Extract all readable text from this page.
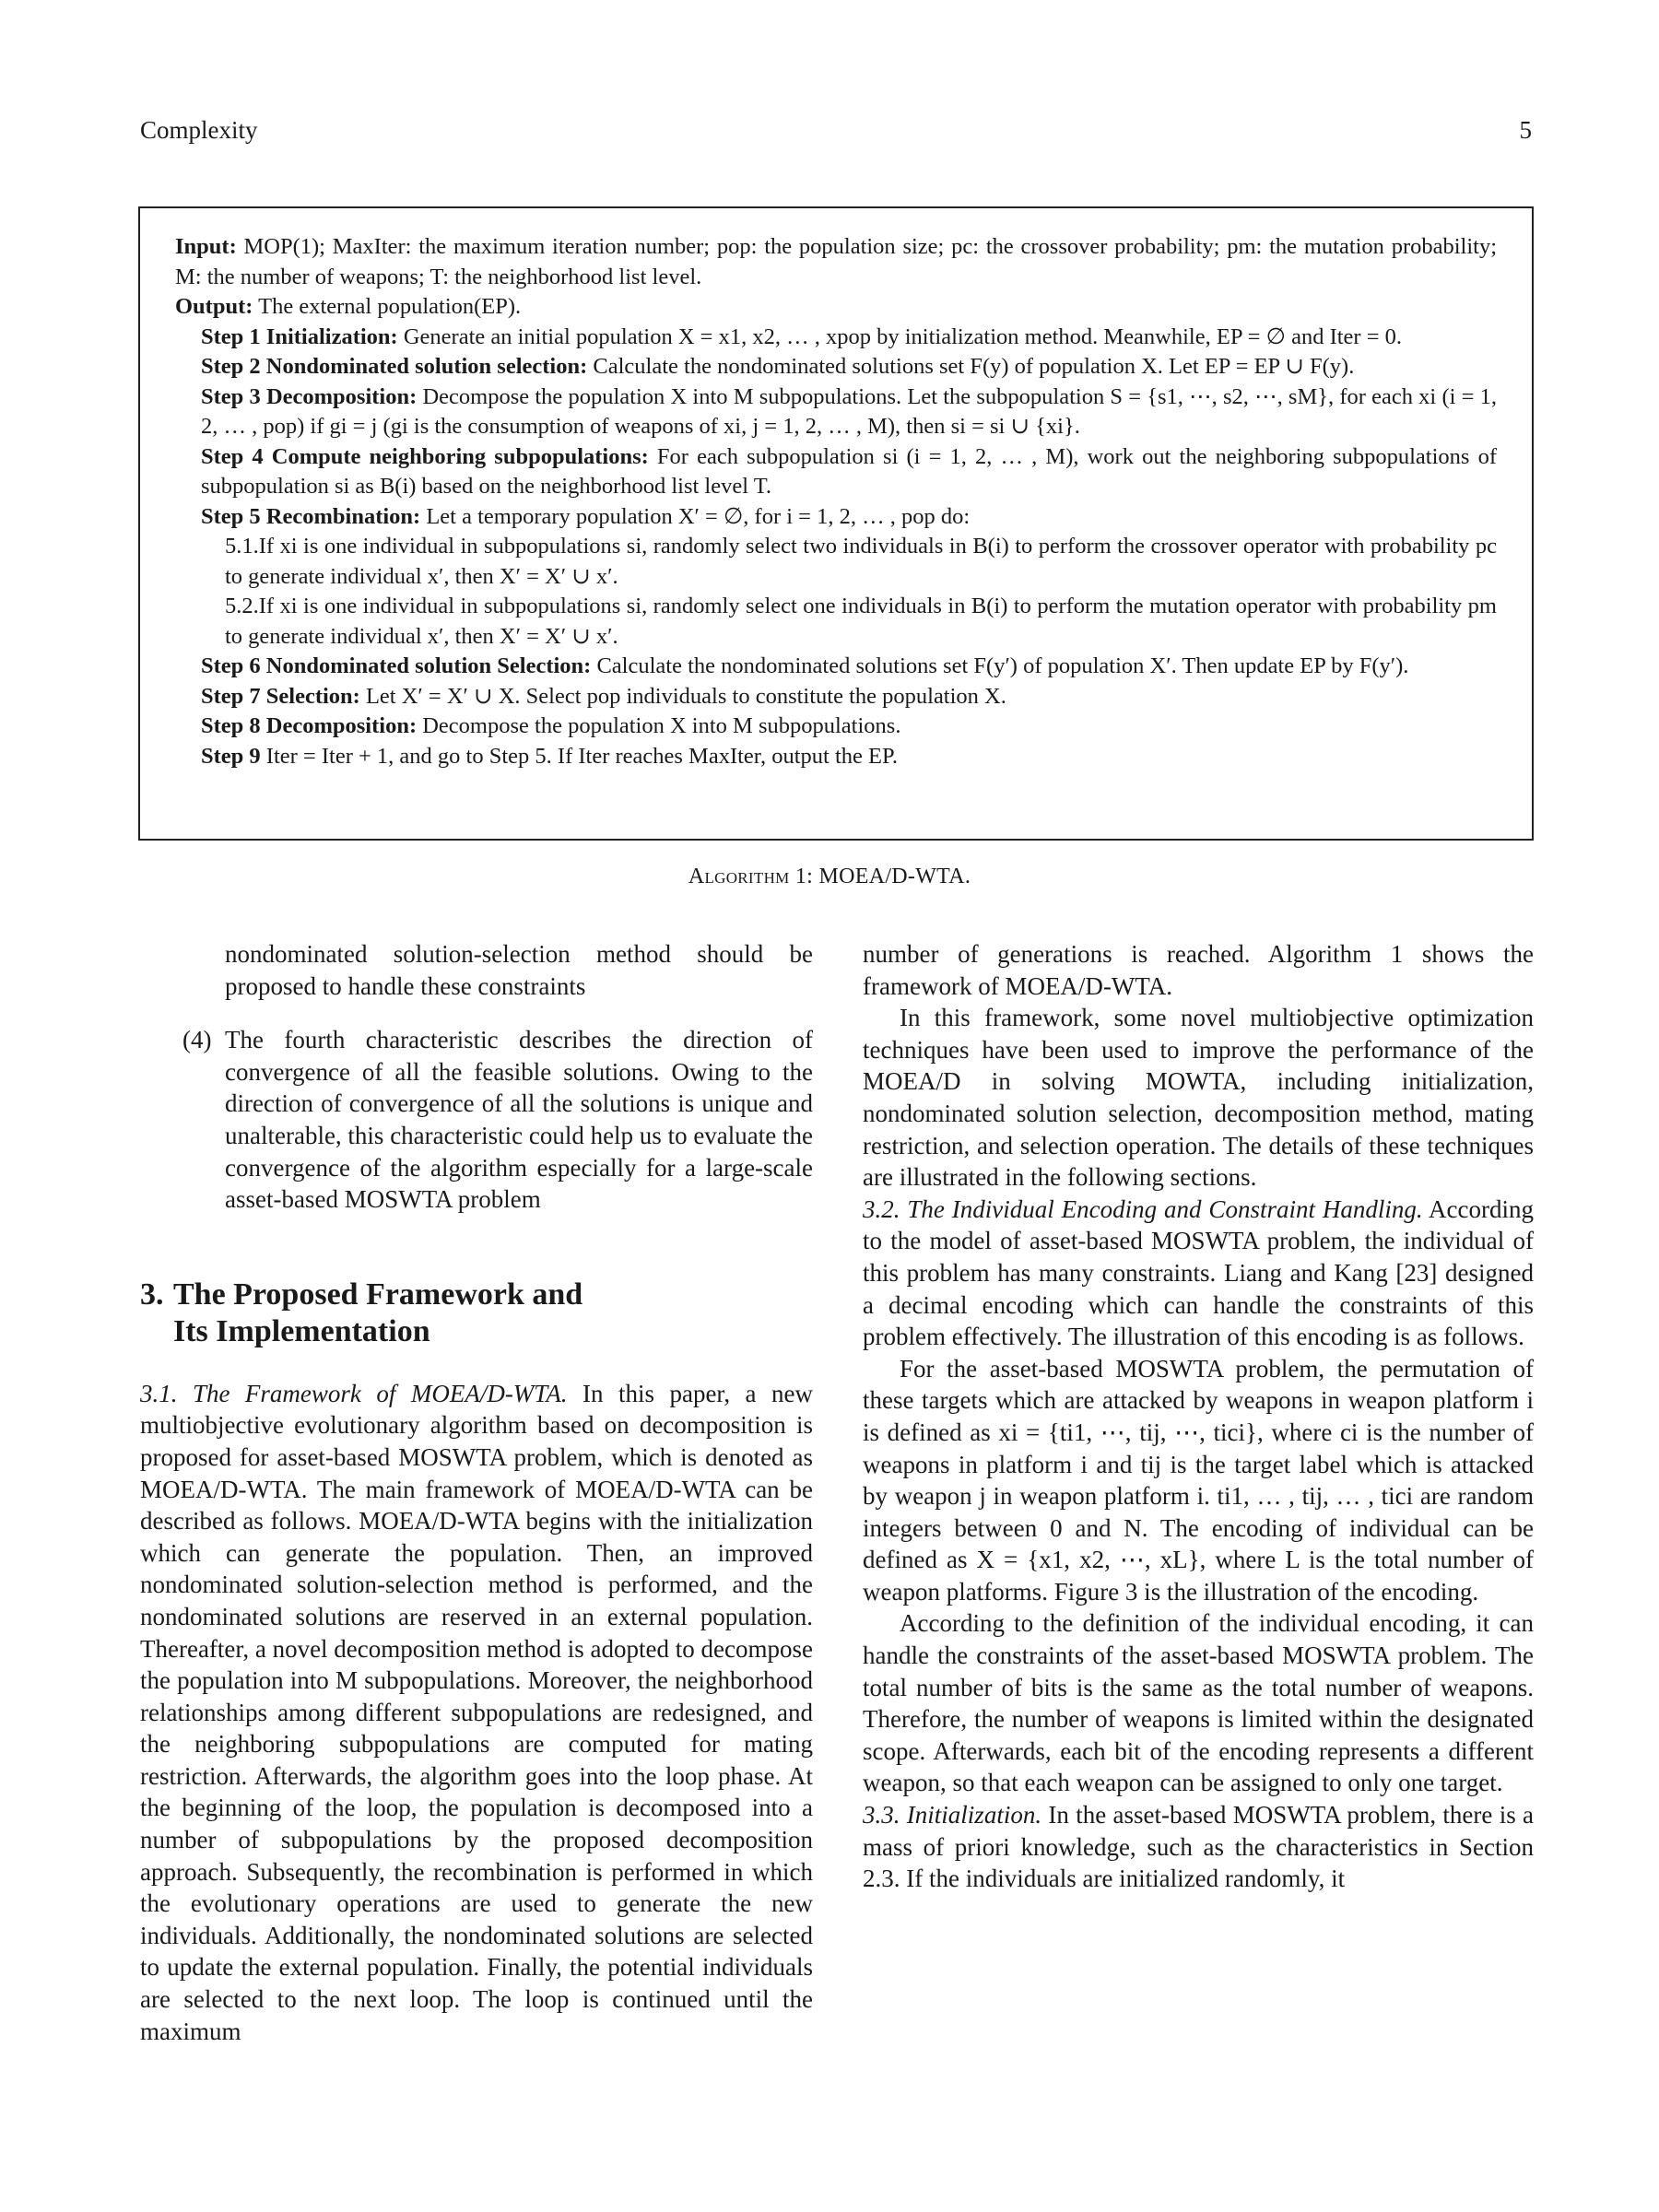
Complexity	5

Input: MOP(1); MaxIter: the maximum iteration number; pop: the population size; pc: the crossover probability; pm: the mutation probability; M: the number of weapons; T: the neighborhood list level.

Output: The external population(EP).

Step 1 Initialization: Generate an initial population X = x1, x2, … , xpop by initialization method. Meanwhile, EP = ∅ and Iter = 0.

Step 2 Nondominated solution selection: Calculate the nondominated solutions set F(y) of population X. Let EP = EP ∪ F(y).

Step 3 Decomposition: Decompose the population X into M subpopulations. Let the subpopulation S = {s1, ⋯, s2, ⋯, sM}, for each xi (i = 1, 2, … , pop) if gi = j (gi is the consumption of weapons of xi, j = 1, 2, … , M), then si = si ∪ {xi}.

Step 4 Compute neighboring subpopulations: For each subpopulation si (i = 1, 2, … , M), work out the neighboring subpopulations of subpopulation si as B(i) based on the neighborhood list level T.

Step 5 Recombination: Let a temporary population X′ = ∅, for i = 1, 2, … , pop do:

5.1.If xi is one individual in subpopulations si, randomly select two individuals in B(i) to perform the crossover operator with probability pc to generate individual x′, then X′ = X′ ∪ x′.

5.2.If xi is one individual in subpopulations si, randomly select one individuals in B(i) to perform the mutation operator with probability pm to generate individual x′, then X′ = X′ ∪ x′.

Step 6 Nondominated solution Selection: Calculate the nondominated solutions set F(y′) of population X′. Then update EP by F(y′).

Step 7 Selection: Let X′ = X′ ∪ X. Select pop individuals to constitute the population X.

Step 8 Decomposition: Decompose the population X into M subpopulations.

Step 9 Iter = Iter + 1, and go to Step 5. If Iter reaches MaxIter, output the EP.

Algorithm 1: MOEA/D-WTA.

nondominated solution-selection method should be proposed to handle these constraints

(4) The fourth characteristic describes the direction of convergence of all the feasible solutions. Owing to the direction of convergence of all the solutions is unique and unalterable, this characteristic could help us to evaluate the convergence of the algorithm especially for a large-scale asset-based MOSWTA problem
3. The Proposed Framework and
Its Implementation

3.1. The Framework of MOEA/D-WTA. In this paper, a new multiobjective evolutionary algorithm based on decomposition is proposed for asset-based MOSWTA problem, which is denoted as MOEA/D-WTA. The main framework of MOEA/D-WTA can be described as follows. MOEA/D-WTA begins with the initialization which can generate the population. Then, an improved nondominated solution-selection method is performed, and the nondominated solutions are reserved in an external population. Thereafter, a novel decomposition method is adopted to decompose the population into M subpopulations. Moreover, the neighborhood relationships among different subpopulations are redesigned, and the neighboring subpopulations are computed for mating restriction. Afterwards, the algorithm goes into the loop phase. At the beginning of the loop, the population is decomposed into a number of subpopulations by the proposed decomposition approach. Subsequently, the recombination is performed in which the evolutionary operations are used to generate the new individuals. Additionally, the nondominated solutions are selected to update the external population. Finally, the potential individuals are selected to the next loop. The loop is continued until the maximum

number of generations is reached. Algorithm 1 shows the framework of MOEA/D-WTA.

In this framework, some novel multiobjective optimization techniques have been used to improve the performance of the MOEA/D in solving MOWTA, including initialization, nondominated solution selection, decomposition method, mating restriction, and selection operation. The details of these techniques are illustrated in the following sections.

3.2. The Individual Encoding and Constraint Handling. According to the model of asset-based MOSWTA problem, the individual of this problem has many constraints. Liang and Kang [23] designed a decimal encoding which can handle the constraints of this problem effectively. The illustration of this encoding is as follows.

For the asset-based MOSWTA problem, the permutation of these targets which are attacked by weapons in weapon platform i is defined as xi = {ti1, ⋯, tij, ⋯, tici}, where ci is the number of weapons in platform i and tij is the target label which is attacked by weapon j in weapon platform i. ti1, … , tij, … , tici are random integers between 0 and N. The encoding of individual can be defined as X = {x1, x2, ⋯, xL}, where L is the total number of weapon platforms. Figure 3 is the illustration of the encoding.

According to the definition of the individual encoding, it can handle the constraints of the asset-based MOSWTA problem. The total number of bits is the same as the total number of weapons. Therefore, the number of weapons is limited within the designated scope. Afterwards, each bit of the encoding represents a different weapon, so that each weapon can be assigned to only one target.

3.3. Initialization. In the asset-based MOSWTA problem, there is a mass of priori knowledge, such as the characteristics in Section 2.3. If the individuals are initialized randomly, it
